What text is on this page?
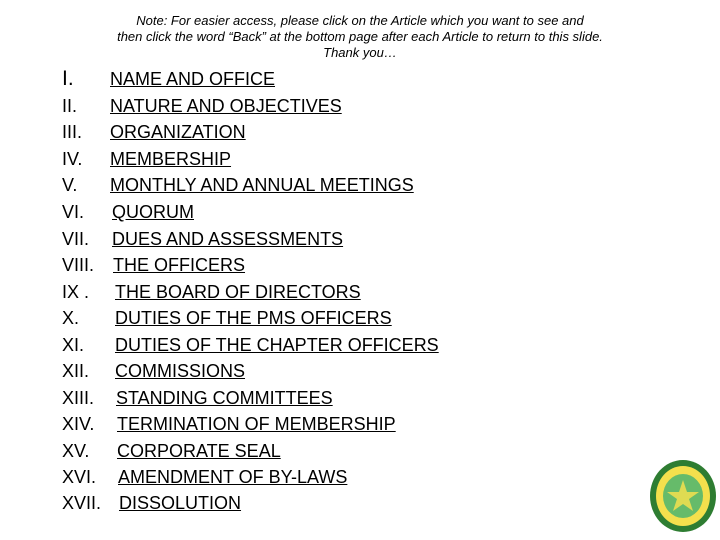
Note: For easier access, please click on the Article which you want to see and
then click the word “Back” at the bottom page after each Article to return to this slide.
Thank you…
I. NAME AND OFFICE
II. NATURE AND OBJECTIVES
III. ORGANIZATION
IV. MEMBERSHIP
V. MONTHLY AND ANNUAL MEETINGS
VI. QUORUM
VII. DUES AND ASSESSMENTS
VIII. THE OFFICERS
IX . THE BOARD OF DIRECTORS
X. DUTIES OF THE PMS OFFICERS
XI. DUTIES OF THE CHAPTER OFFICERS
XII. COMMISSIONS
XIII. STANDING COMMITTEES
XIV. TERMINATION OF MEMBERSHIP
XV. CORPORATE SEAL
XVI. AMENDMENT OF BY-LAWS
XVII. DISSOLUTION
